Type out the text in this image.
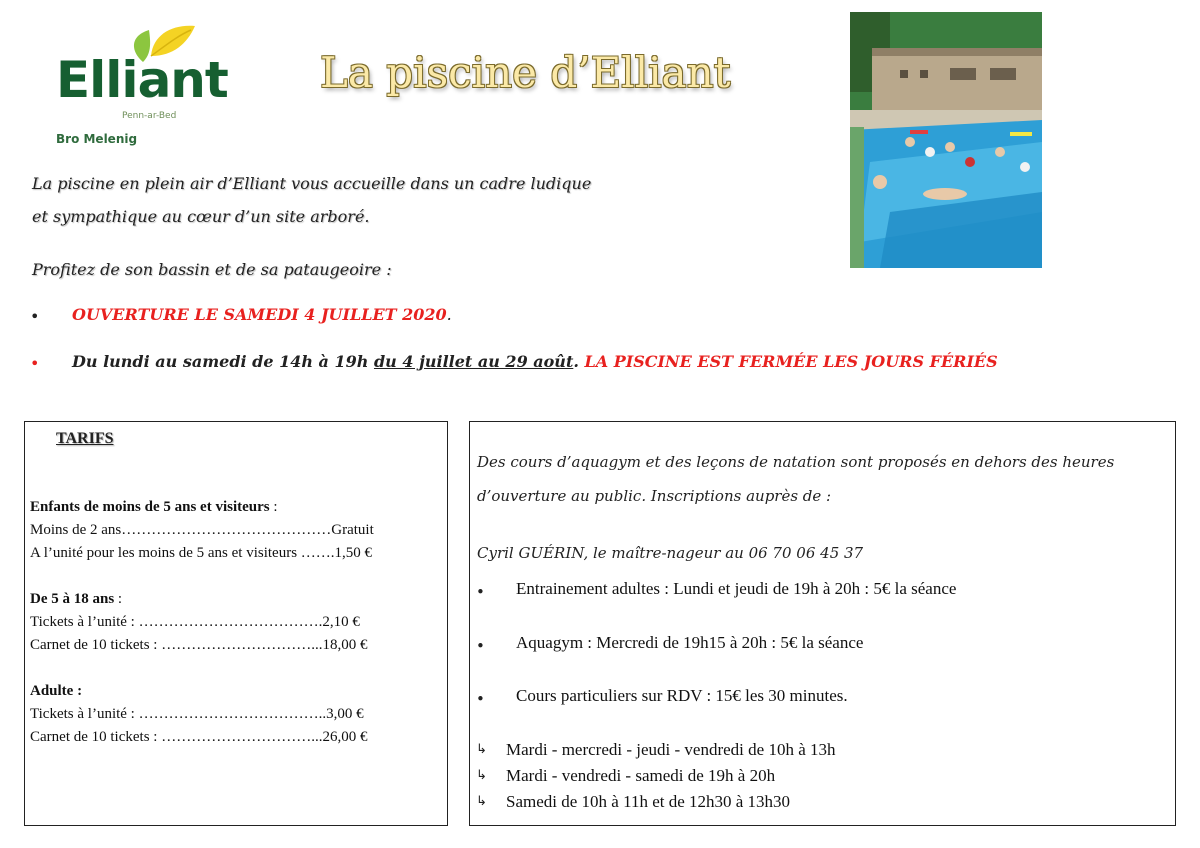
Elliant
Penn-ar-Bed
Bro Melenig
La piscine d’Elliant
La piscine en plein air d’Elliant vous accueille dans un cadre ludique
et sympathique au cœur d’un site arboré.
Profitez de son bassin et de sa pataugeoire :
• OUVERTURE LE SAMEDI 4 JUILLET 2020.
• Du lundi au samedi de 14h à 19h du 4 juillet au 29 août. LA PISCINE EST FERMÉE LES JOURS FÉRIÉS
TARIFS
Enfants de moins de 5 ans et visiteurs :
Moins de 2 ans……………………………………Gratuit
A l’unité pour les moins de 5 ans et visiteurs …….1,50 €
De 5 à 18 ans :
Tickets à l’unité : ……………………………….2,10 €
Carnet de 10 tickets : …………………………...18,00 €
Adulte :
Tickets à l’unité : ………………………………..3,00 €
Carnet de 10 tickets : …………………………...26,00 €
Des cours d’aquagym et des leçons de natation sont proposés en dehors des heures
d’ouverture au public. Inscriptions auprès de :
Cyril GUÉRIN, le maître-nageur au 06 70 06 45 37
• Entrainement adultes : Lundi et jeudi de 19h à 20h : 5€ la séance
• Aquagym : Mercredi de 19h15 à 20h : 5€ la séance
• Cours particuliers sur RDV : 15€ les 30 minutes.
↳ Mardi - mercredi - jeudi - vendredi de 10h à 13h
↳ Mardi - vendredi - samedi de 19h à 20h
↳ Samedi de 10h à 11h et de 12h30 à 13h30
